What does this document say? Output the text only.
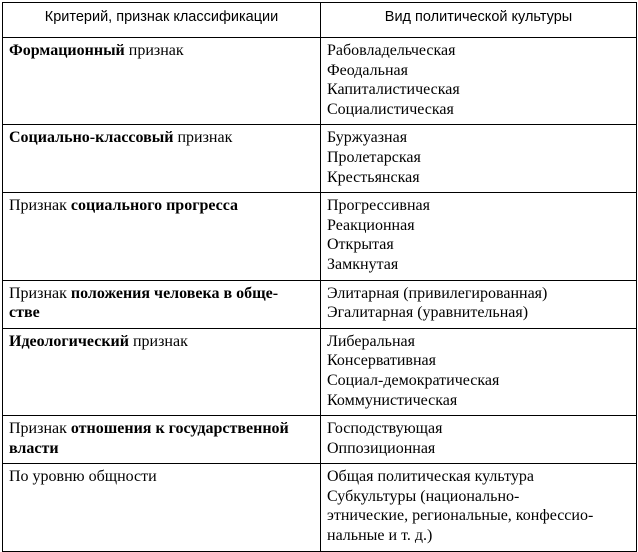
Критерий, признак классификации	Вид политической культуры

Формационный признак	Рабовладельческая
Феодальная
Капиталистическая
Социалистическая

Социально-классовый признак	Буржуазная
Пролетарская
Крестьянская

Признак социального прогресса	Прогрессивная
Реакционная
Открытая
Замкнутая

Признак положения человека в обще-
стве	Элитарная (привилегированная)
Эгалитарная (уравнительная)

Идеологический признак	Либеральная
Консервативная
Социал-демократическая
Коммунистическая

Признак отношения к государственной
власти	Господствующая
Оппозиционная

По уровню общности	Общая политическая культура
Субкультуры (национально-
этнические, региональные, конфессио-
нальные и т. д.)
